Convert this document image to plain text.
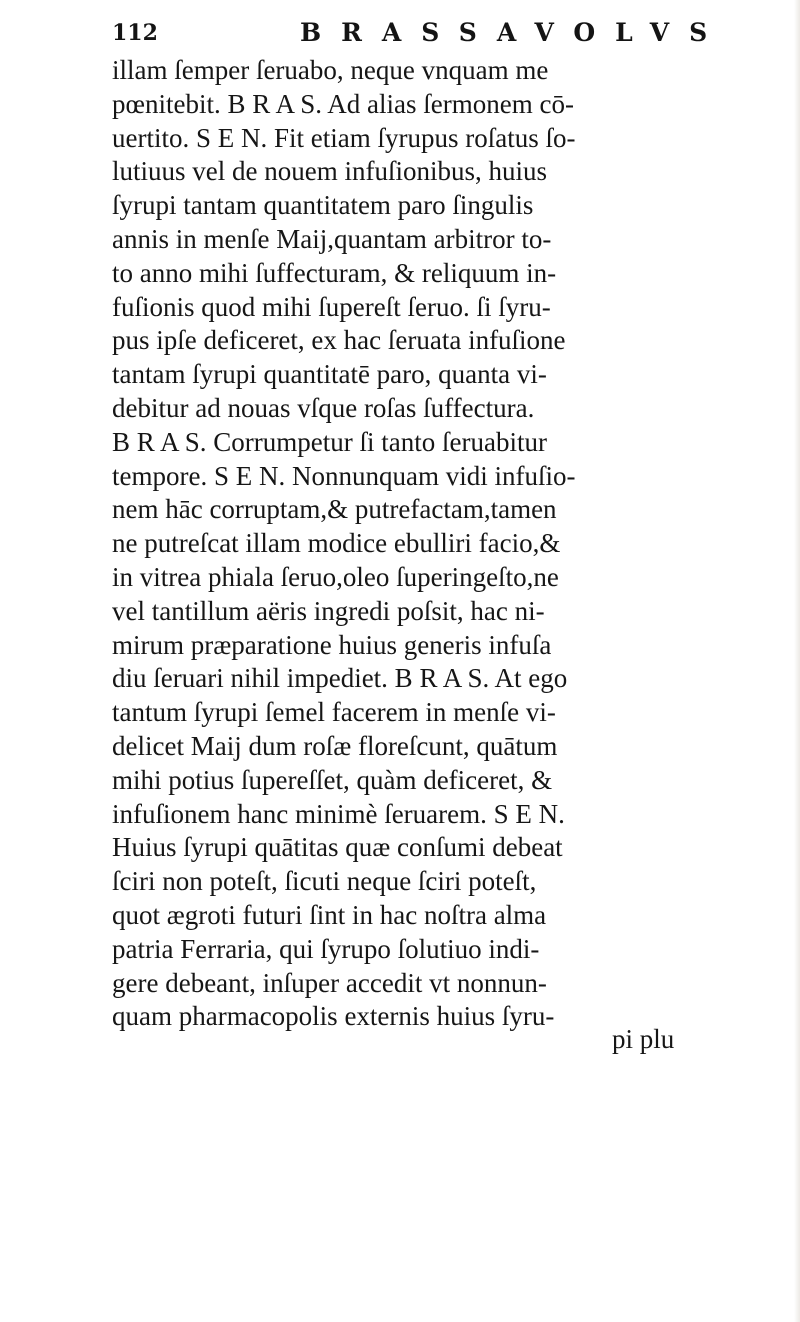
112	BRASSAVOLVS
illam ſemper ſeruabo, neque vnquam me
pœnitebit. B R A S. Ad alias ſermonem cō-
uertito. S E N. Fit etiam ſyrupus roſatus ſo-
lutiuus vel de nouem infuſionibus, huius
ſyrupi tantam quantitatem paro ſingulis
annis in menſe Maij,quantam arbitror to-
to anno mihi ſuffecturam, & reliquum in-
fuſionis quod mihi ſupereſt ſeruo. ſi ſyru-
pus ipſe deficeret, ex hac ſeruata infuſione
tantam ſyrupi quantitatē paro, quanta vi-
debitur ad nouas vſque roſas ſuffectura.
B R A S. Corrumpetur ſi tanto ſeruabitur
tempore. S E N. Nonnunquam vidi infuſio-
nem hāc corruptam,& putrefactam,tamen
ne putreſcat illam modice ebulliri facio,&
in vitrea phiala ſeruo,oleo ſuperingeſto,ne
vel tantillum aëris ingredi poſsit, hac ni-
mirum præparatione huius generis infuſa
diu ſeruari nihil impediet. B R A S. At ego
tantum ſyrupi ſemel facerem in menſe vi-
delicet Maij dum roſæ floreſcunt, quātum
mihi potius ſupereſſet, quàm deficeret, &
infuſionem hanc minimè ſeruarem. S E N.
Huius ſyrupi quātitas quæ conſumi debeat
ſciri non poteſt, ſicuti neque ſciri poteſt,
quot ægroti futuri ſint in hac noſtra alma
patria Ferraria, qui ſyrupo ſolutiuo indi-
gere debeant, inſuper accedit vt nonnun-
quam pharmacopolis externis huius ſyru-
pi plu
